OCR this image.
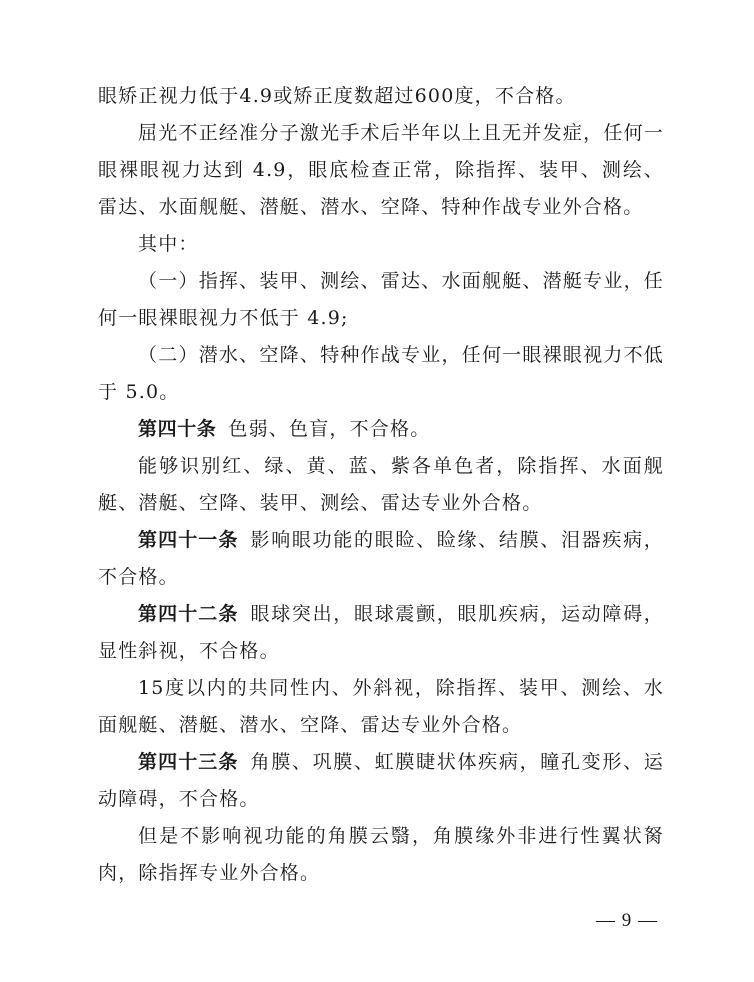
眼矫正视力低于4.9或矫正度数超过600度，不合格。

屈光不正经准分子激光手术后半年以上且无并发症，任何一眼裸眼视力达到 4.9，眼底检查正常，除指挥、装甲、测绘、雷达、水面舰艇、潜艇、潜水、空降、特种作战专业外合格。

其中：

（一）指挥、装甲、测绘、雷达、水面舰艇、潜艇专业，任何一眼裸眼视力不低于 4.9;

（二）潜水、空降、特种作战专业，任何一眼裸眼视力不低于 5.0。

第四十条 色弱、色盲，不合格。

能够识别红、绿、黄、蓝、紫各单色者，除指挥、水面舰艇、潜艇、空降、装甲、测绘、雷达专业外合格。

第四十一条 影响眼功能的眼睑、睑缘、结膜、泪器疾病，不合格。

第四十二条 眼球突出，眼球震颤，眼肌疾病，运动障碍，显性斜视，不合格。

15度以内的共同性内、外斜视，除指挥、装甲、测绘、水面舰艇、潜艇、潜水、空降、雷达专业外合格。

第四十三条 角膜、巩膜、虹膜睫状体疾病，瞳孔变形、运动障碍，不合格。

但是不影响视功能的角膜云翳，角膜缘外非进行性翼状胬肉，除指挥专业外合格。

— 9 —
